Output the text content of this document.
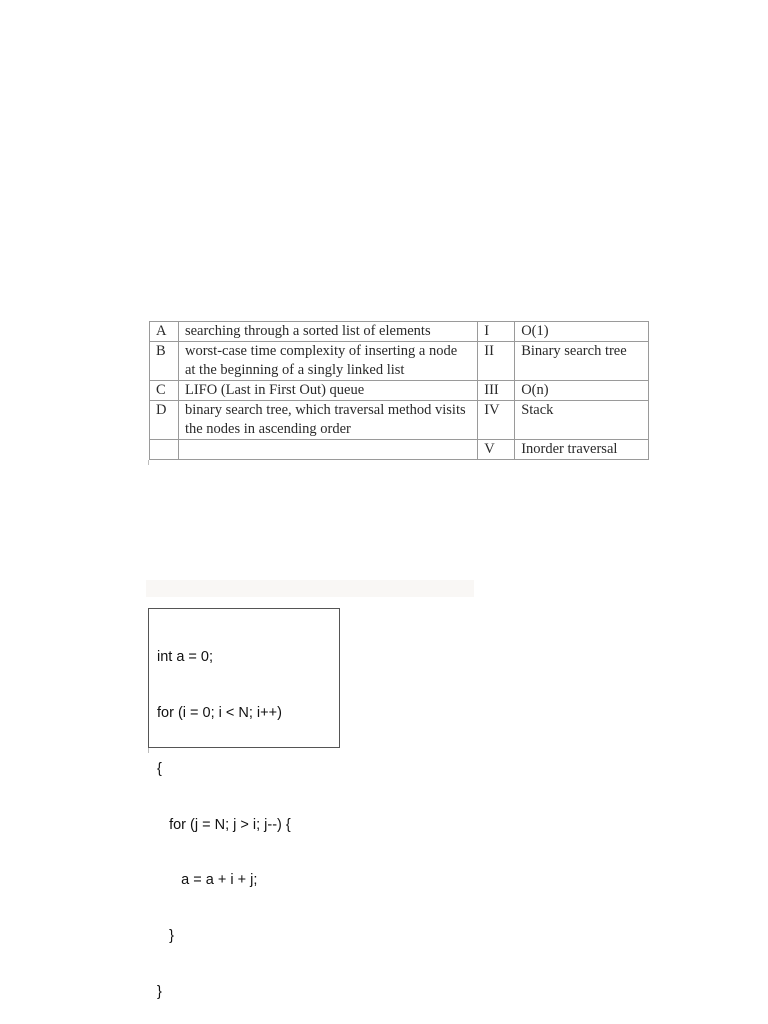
A	searching through a sorted list of elements	I	O(1)
B	worst-case time complexity of inserting a node at the beginning of a singly linked list	II	Binary search tree
C	LIFO (Last in First Out) queue	III	O(n)
D	binary search tree, which traversal method visits the nodes in ascending order	IV	Stack
		V	Inorder traversal

int a = 0;

for (i = 0; i < N; i++)

{

for (j = N; j > i; j--) {

a = a + i + j;

}

}
